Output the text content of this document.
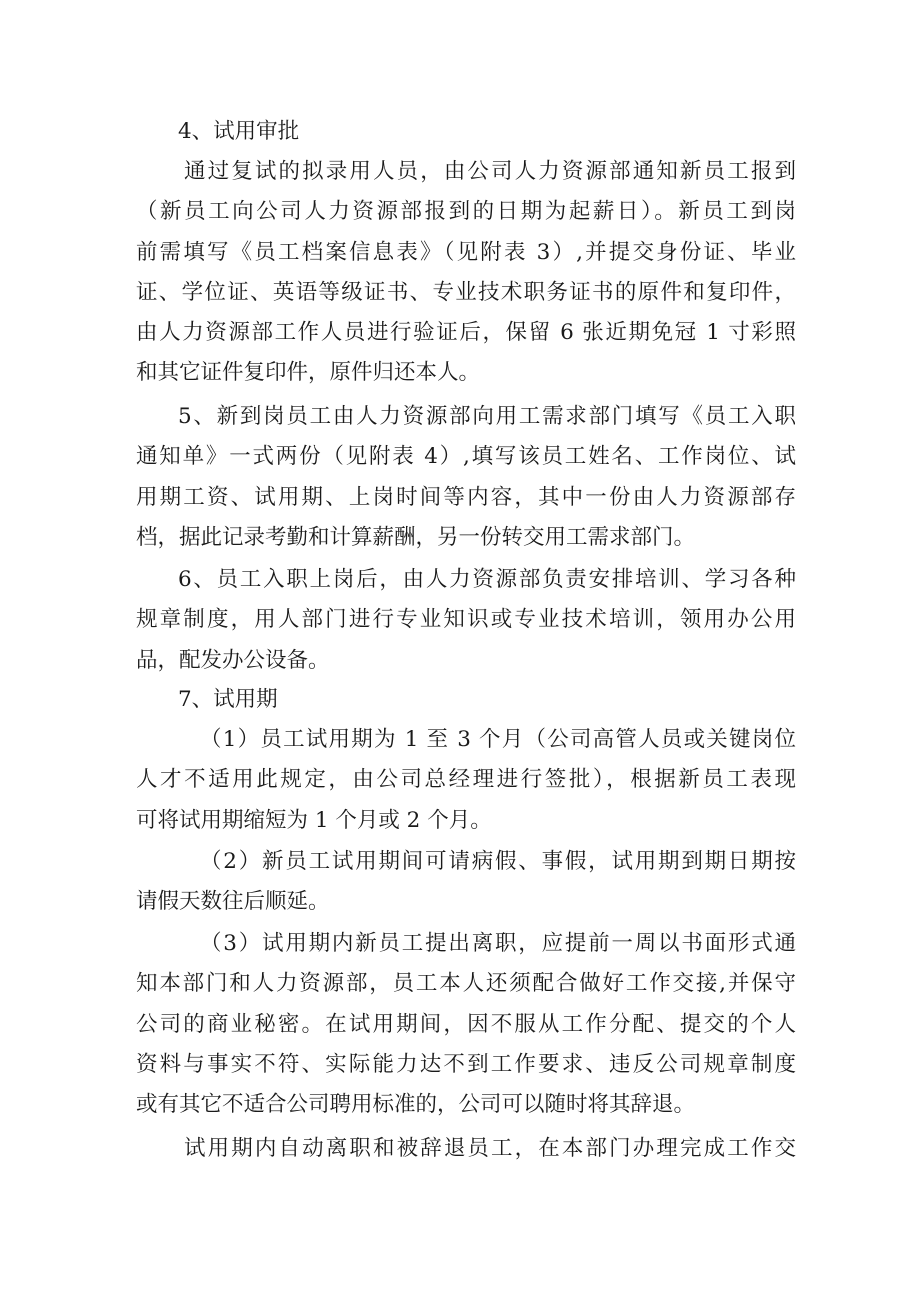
4、试用审批
通过复试的拟录用人员，由公司人力资源部通知新员工报到
（新员工向公司人力资源部报到的日期为起薪日）。新员工到岗
前需填写《员工档案信息表》（见附表 3）,并提交身份证、毕业
证、学位证、英语等级证书、专业技术职务证书的原件和复印件，
由人力资源部工作人员进行验证后，保留 6 张近期免冠 1 寸彩照
和其它证件复印件，原件归还本人。
5、新到岗员工由人力资源部向用工需求部门填写《员工入职
通知单》一式两份（见附表 4）,填写该员工姓名、工作岗位、试
用期工资、试用期、上岗时间等内容，其中一份由人力资源部存
档，据此记录考勤和计算薪酬，另一份转交用工需求部门。
6、员工入职上岗后，由人力资源部负责安排培训、学习各种
规章制度，用人部门进行专业知识或专业技术培训，领用办公用
品，配发办公设备。
7、试用期
（1）员工试用期为 1 至 3 个月（公司高管人员或关键岗位
人才不适用此规定，由公司总经理进行签批），根据新员工表现
可将试用期缩短为 1 个月或 2 个月。
（2）新员工试用期间可请病假、事假，试用期到期日期按
请假天数往后顺延。
（3）试用期内新员工提出离职，应提前一周以书面形式通
知本部门和人力资源部，员工本人还须配合做好工作交接,并保守
公司的商业秘密。在试用期间，因不服从工作分配、提交的个人
资料与事实不符、实际能力达不到工作要求、违反公司规章制度
或有其它不适合公司聘用标准的，公司可以随时将其辞退。
试用期内自动离职和被辞退员工，在本部门办理完成工作交
